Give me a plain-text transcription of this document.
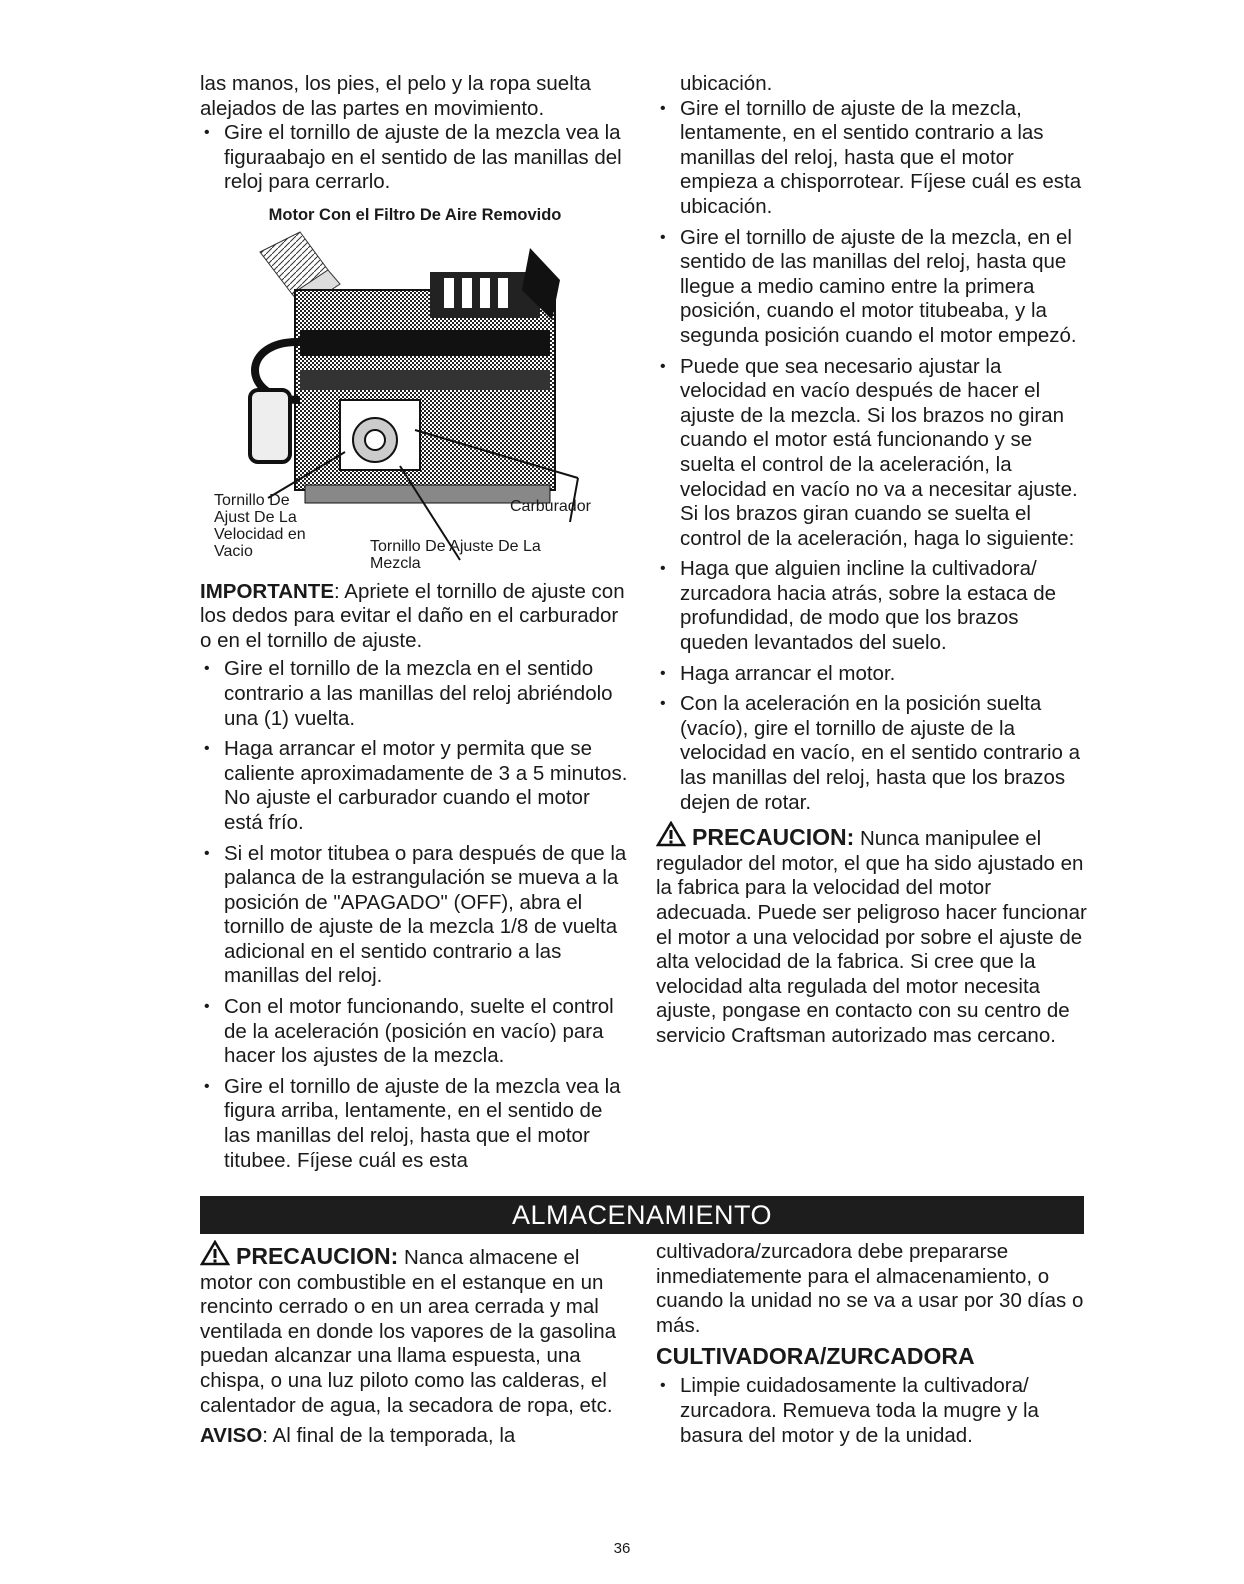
las manos, los pies, el pelo y la ropa suelta alejados de las partes en movimiento.

• Gire el tornillo de ajuste de la mezcla vea la figuraabajo en el sentido de las manillas del reloj para cerrarlo.
Motor Con el Filtro De Aire Removido
Tornillo De Ajust De La Velocidad en Vacio
Carburador
Tornillo De Ajuste De La Mezcla

IMPORTANTE: Apriete el tornillo de ajuste con los dedos para evitar el daño en el carburador o en el tornillo de ajuste.

• Gire el tornillo de la mezcla en el sentido contrario a las manillas del reloj abriéndolo una (1) vuelta.
• Haga arrancar el motor y permita que se caliente aproximadamente de 3 a 5 minutos. No ajuste el carburador cuando el motor está frío.
• Si el motor titubea o para después de que la palanca de la estrangulación se mueva a la posición de "APAGADO" (OFF), abra el tornillo de ajuste de la mezcla 1/8 de vuelta adicional en el sentido contrario a las manillas del reloj.
• Con el motor funcionando, suelte el control de la aceleración (posición en vacío) para hacer los ajustes de la mezcla.
• Gire el tornillo de ajuste de la mezcla vea la figura arriba, lentamente, en el sentido de las manillas del reloj, hasta que el motor titubee. Fíjese cuál es esta

ubicación.

• Gire el tornillo de ajuste de la mezcla, lentamente, en el sentido contrario a las manillas del reloj, hasta que el motor empieza a chisporrotear. Fíjese cuál es esta ubicación.
• Gire el tornillo de ajuste de la mezcla, en el sentido de las manillas del reloj, hasta que llegue a medio camino entre la primera posición, cuando el motor titubeaba, y la segunda posición cuando el motor empezó.
• Puede que sea necesario ajustar la velocidad en vacío después de hacer el ajuste de la mezcla. Si los brazos no giran cuando el motor está funcionando y se suelta el control de la aceleración, la velocidad en vacío no va a necesitar ajuste. Si los brazos giran cuando se suelta el control de la aceleración, haga lo siguiente:
• Haga que alguien incline la cultivadora/ zurcadora hacia atrás, sobre la estaca de profundidad, de modo que los brazos queden levantados del suelo.
• Haga arrancar el motor.
• Con la aceleración en la posición suelta (vacío), gire el tornillo de ajuste de la velocidad en vacío, en el sentido contrario a las manillas del reloj, hasta que los brazos dejen de rotar.

PRECAUCION: Nunca manipulee el regulador del motor, el que ha sido ajustado en la fabrica para la velocidad del motor adecuada. Puede ser peligroso hacer funcionar el motor a una velocidad por sobre el ajuste de alta velocidad de la fabrica. Si cree que la velocidad alta regulada del motor necesita ajuste, pongase en contacto con su centro de servicio Craftsman autorizado mas cercano.

ALMACENAMIENTO

PRECAUCION: Nanca almacene el motor con combustible en el estanque en un rencinto cerrado o en un area cerrada y mal ventilada en donde los vapores de la gasolina puedan alcanzar una llama espuesta, una chispa, o una luz piloto como las calderas, el calentador de agua, la secadora de ropa, etc.

AVISO: Al final de la temporada, la

cultivadora/zurcadora debe prepararse inmediatemente para el almacenamiento, o cuando la unidad no se va a usar por 30 días o más.

CULTIVADORA/ZURCADORA
• Limpie cuidadosamente la cultivadora/ zurcadora. Remueva toda la mugre y la basura del motor y de la unidad.
36
